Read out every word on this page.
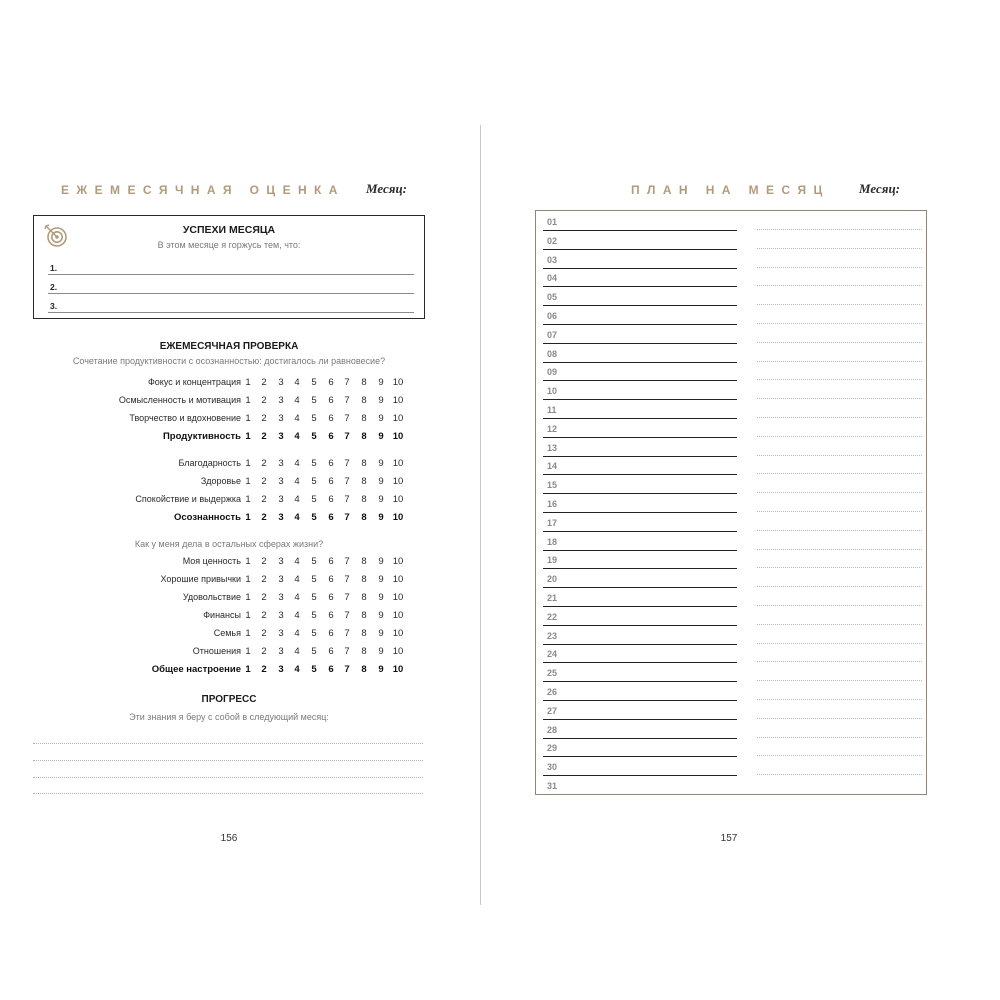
ЕЖЕМЕСЯЧНАЯ ОЦЕНКА Месяц:
УСПЕХИ МЕСЯЦА
В этом месяце я горжусь тем, что:
1.
2.
3.
ЕЖЕМЕСЯЧНАЯ ПРОВЕРКА
Сочетание продуктивности с осознанностью: достигалось ли равновесие?
Как у меня дела в остальных сферах жизни?
Фокус и концентрация 1	2	3	4	5	6	7	8	9 10
Осмысленность и мотивация 1	2	3	4	5	6	7	8	9 10
Творчество и вдохновение 1	2	3	4	5	6	7	8	9 10
Продуктивность 1	2	3	4	5	6	7	8	9 10
Благодарность 1	2	3	4	5	6	7	8	9 10
Здоровье 1	2	3	4	5	6	7	8	9 10
Спокойствие и выдержка 1	2	3	4	5	6	7	8	9 10
Осознанность 1	2	3	4	5	6	7	8	9 10
Моя ценность 1	2	3	4	5	6	7	8	9 10
Хорошие привычки 1	2	3	4	5	6	7	8	9 10
Удовольствие 1	2	3	4	5	6	7	8	9 10
Финансы 1	2	3	4	5	6	7	8	9 10
Семья 1	2	3	4	5	6	7	8	9 10
Отношения 1	2	3	4	5	6	7	8	9 10
Общее настроение 1	2	3	4	5	6	7	8	9 10
ПРОГРЕСС
Эти знания я беру с собой в следующий месяц:
156
ПЛАН НА МЕСЯЦ Месяц:
01
02
03
04
05
06
07
08
09
10
11
12
13
14
15
16
17
18
19
20
21
22
23
24
25
26
27
28
29
30
31
157
